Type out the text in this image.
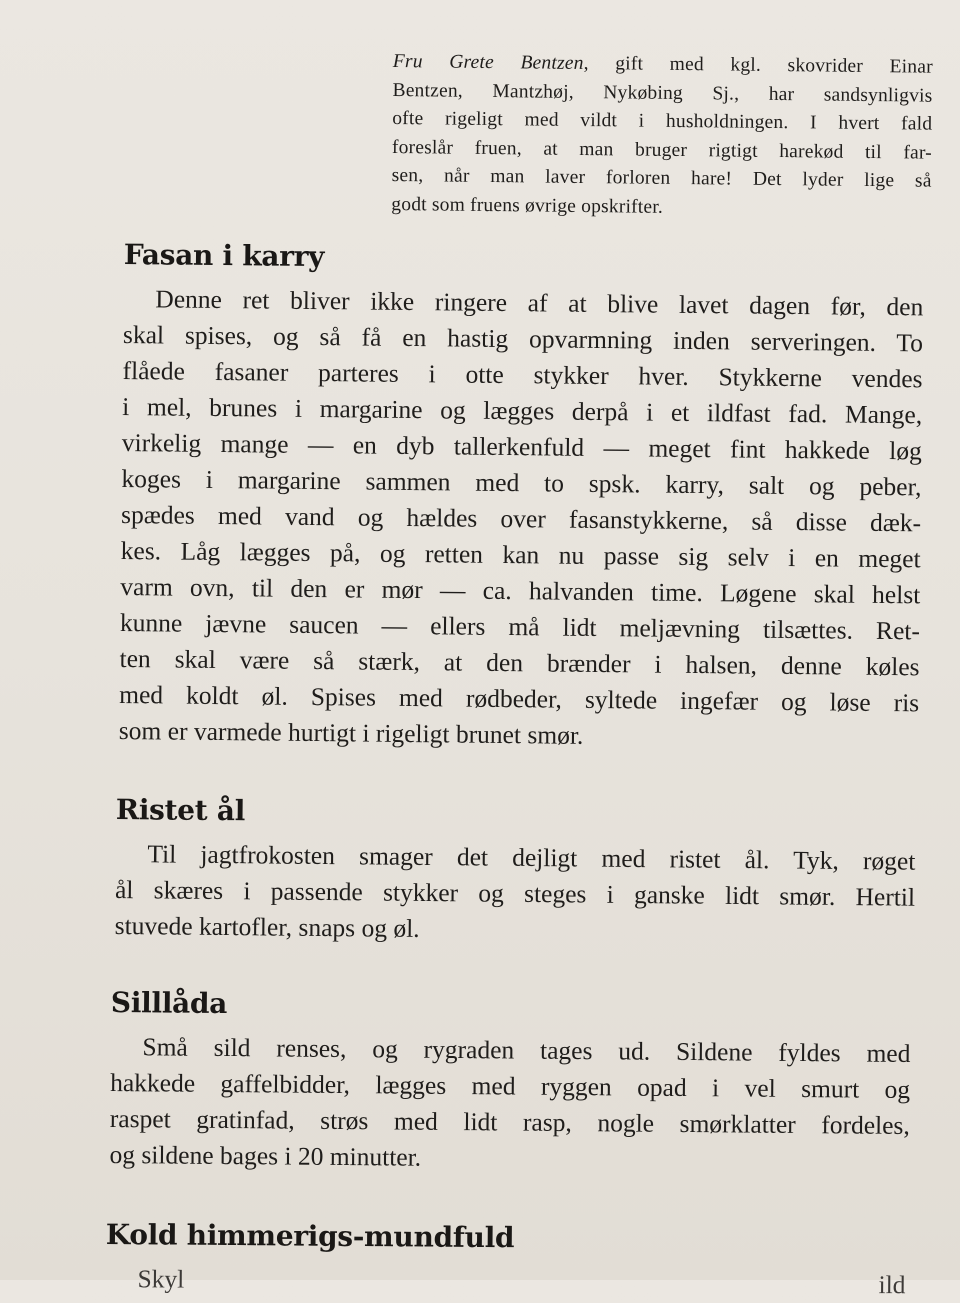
Fru Grete Bentzen, gift med kgl. skovrider Einar
Bentzen, Mantzhøj, Nykøbing Sj., har sandsynligvis
ofte rigeligt med vildt i husholdningen. I hvert fald
foreslår fruen, at man bruger rigtigt harekød til far-
sen, når man laver forloren hare! Det lyder lige så
godt som fruens øvrige opskrifter.
Fasan i karry
Denne ret bliver ikke ringere af at blive lavet dagen før, den
skal spises, og så få en hastig opvarmning inden serveringen. To
flåede fasaner parteres i otte stykker hver. Stykkerne vendes
i mel, brunes i margarine og lægges derpå i et ildfast fad. Mange,
virkelig mange — en dyb tallerkenfuld — meget fint hakkede løg
koges i margarine sammen med to spsk. karry, salt og peber,
spædes med vand og hældes over fasanstykkerne, så disse dæk-
kes. Låg lægges på, og retten kan nu passe sig selv i en meget
varm ovn, til den er mør — ca. halvanden time. Løgene skal helst
kunne jævne saucen — ellers må lidt meljævning tilsættes. Ret-
ten skal være så stærk, at den brænder i halsen, denne køles
med koldt øl. Spises med rødbeder, syltede ingefær og løse ris
som er varmede hurtigt i rigeligt brunet smør.
Ristet ål
Til jagtfrokosten smager det dejligt med ristet ål. Tyk, røget
ål skæres i passende stykker og steges i ganske lidt smør. Hertil
stuvede kartofler, snaps og øl.
Silllåda
Små sild renses, og rygraden tages ud. Sildene fyldes med
hakkede gaffelbidder, lægges med ryggen opad i vel smurt og
raspet gratinfad, strøs med lidt rasp, nogle smørklatter fordeles,
og sildene bages i 20 minutter.
Kold himmerigs-mundfuld
Skyl ild
